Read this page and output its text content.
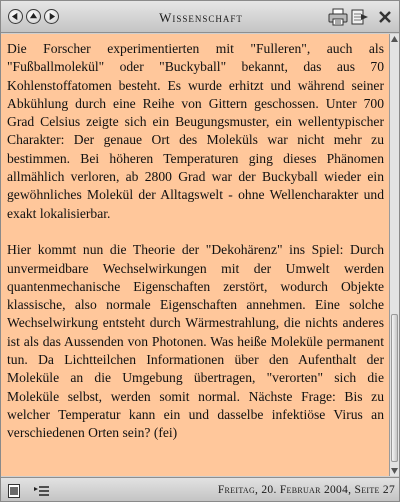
Wissenschaft

Die Forscher experimentierten mit "Fulleren", auch als "Fußballmolekül" oder "Buckyball" bekannt, das aus 70 Kohlenstoffatomen besteht. Es wurde erhitzt und während seiner Abkühlung durch eine Reihe von Gittern geschossen. Unter 700 Grad Celsius zeigte sich ein Beugungsmuster, ein wellentypischer Charakter: Der genaue Ort des Moleküls war nicht mehr zu bestimmen. Bei höheren Temperaturen ging dieses Phänomen allmählich verloren, ab 2800 Grad war der Buckyball wieder ein gewöhnliches Molekül der Alltagswelt - ohne Wellencharakter und exakt lokalisierbar.

Hier kommt nun die Theorie der "Dekohärenz" ins Spiel: Durch unvermeidbare Wechselwirkungen mit der Umwelt werden quantenmechanische Eigenschaften zerstört, wodurch Objekte klassische, also normale Eigenschaften annehmen. Eine solche Wechselwirkung entsteht durch Wärmestrahlung, die nichts anderes ist als das Aussenden von Photonen. Was heiße Moleküle permanent tun. Da Lichtteilchen Informationen über den Aufenthalt der Moleküle an die Umgebung übertragen, "verorten" sich die Moleküle selbst, werden somit normal. Nächste Frage: Bis zu welcher Temperatur kann ein und dasselbe infektiöse Virus an verschiedenen Orten sein? (fei)

Freitag, 20. Februar 2004, Seite 27
